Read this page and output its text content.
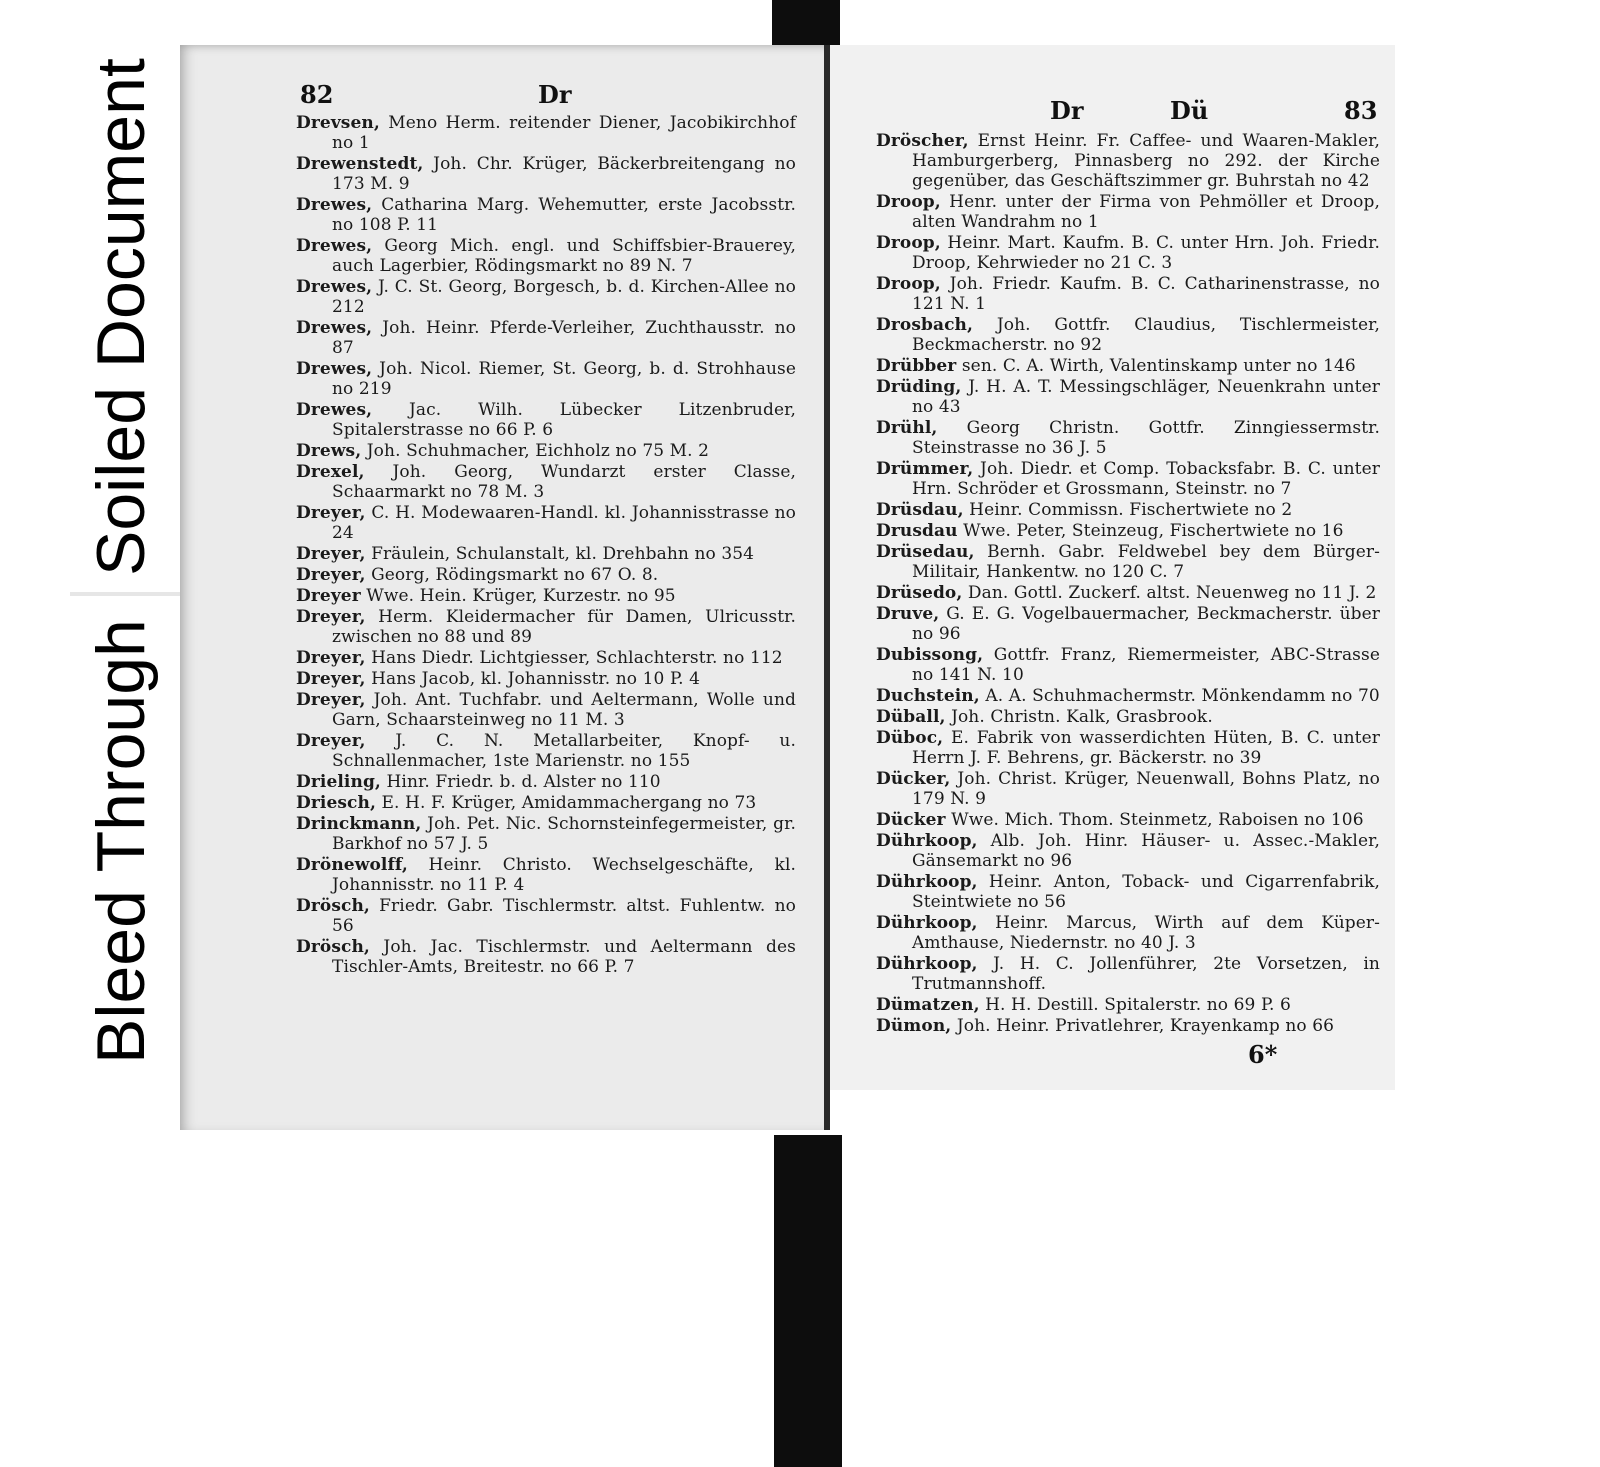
Soiled Document
Bleed Through
82	Dr
Dr	Dü	83
Drevsen, Meno Herm. reitender Diener, Jacobikirchhof no 1
Drewenstedt, Joh. Chr. Krüger, Bäckerbreitengang no 173 M. 9
Drewes, Catharina Marg. Wehemutter, erste Jacobsstr. no 108 P. 11
Drewes, Georg Mich. engl. und Schiffsbier-Brauerey, auch Lagerbier, Rödingsmarkt no 89 N. 7
Drewes, J. C. St. Georg, Borgesch, b. d. Kirchen-Allee no 212
Drewes, Joh. Heinr. Pferde-Verleiher, Zuchthausstr. no 87
Drewes, Joh. Nicol. Riemer, St. Georg, b. d. Strohhause no 219
Drewes, Jac. Wilh. Lübecker Litzenbruder, Spitalerstrasse no 66 P. 6
Drews, Joh. Schuhmacher, Eichholz no 75 M. 2
Drexel, Joh. Georg, Wundarzt erster Classe, Schaarmarkt no 78 M. 3
Dreyer, C. H. Modewaaren-Handl. kl. Johannisstrasse no 24
Dreyer, Fräulein, Schulanstalt, kl. Drehbahn no 354
Dreyer, Georg, Rödingsmarkt no 67 O. 8.
Dreyer Wwe. Hein. Krüger, Kurzestr. no 95
Dreyer, Herm. Kleidermacher für Damen, Ulricusstr. zwischen no 88 und 89
Dreyer, Hans Diedr. Lichtgiesser, Schlachterstr. no 112
Dreyer, Hans Jacob, kl. Johannisstr. no 10 P. 4
Dreyer, Joh. Ant. Tuchfabr. und Aeltermann, Wolle und Garn, Schaarsteinweg no 11 M. 3
Dreyer, J. C. N. Metallarbeiter, Knopf- u. Schnallenmacher, 1ste Marienstr. no 155
Drieling, Hinr. Friedr. b. d. Alster no 110
Driesch, E. H. F. Krüger, Amidammachergang no 73
Drinckmann, Joh. Pet. Nic. Schornsteinfegermeister, gr. Barkhof no 57 J. 5
Drönewolff, Heinr. Christo. Wechselgeschäfte, kl. Johannisstr. no 11 P. 4
Drösch, Friedr. Gabr. Tischlermstr. altst. Fuhlentw. no 56
Drösch, Joh. Jac. Tischlermstr. und Aeltermann des Tischler-Amts, Breitestr. no 66 P. 7
Dröscher, Ernst Heinr. Fr. Caffee- und Waaren-Makler, Hamburgerberg, Pinnasberg no 292. der Kirche gegenüber, das Geschäftszimmer gr. Buhrstah no 42
Droop, Henr. unter der Firma von Pehmöller et Droop, alten Wandrahm no 1
Droop, Heinr. Mart. Kaufm. B. C. unter Hrn. Joh. Friedr. Droop, Kehrwieder no 21 C. 3
Droop, Joh. Friedr. Kaufm. B. C. Catharinenstrasse, no 121 N. 1
Drosbach, Joh. Gottfr. Claudius, Tischlermeister, Beckmacherstr. no 92
Drübber sen. C. A. Wirth, Valentinskamp unter no 146
Drüding, J. H. A. T. Messingschläger, Neuenkrahn unter no 43
Drühl, Georg Christn. Gottfr. Zinngiessermstr. Steinstrasse no 36 J. 5
Drümmer, Joh. Diedr. et Comp. Tobacksfabr. B. C. unter Hrn. Schröder et Grossmann, Steinstr. no 7
Drüsdau, Heinr. Commissn. Fischertwiete no 2
Drusdau Wwe. Peter, Steinzeug, Fischertwiete no 16
Drüsedau, Bernh. Gabr. Feldwebel bey dem Bürger-Militair, Hankentw. no 120 C. 7
Drüsedo, Dan. Gottl. Zuckerf. altst. Neuenweg no 11 J. 2
Druve, G. E. G. Vogelbauermacher, Beckmacherstr. über no 96
Dubissong, Gottfr. Franz, Riemermeister, ABC-Strasse no 141 N. 10
Duchstein, A. A. Schuhmachermstr. Mönkendamm no 70
Düball, Joh. Christn. Kalk, Grasbrook.
Düboc, E. Fabrik von wasserdichten Hüten, B. C. unter Herrn J. F. Behrens, gr. Bäckerstr. no 39
Dücker, Joh. Christ. Krüger, Neuenwall, Bohns Platz, no 179 N. 9
Dücker Wwe. Mich. Thom. Steinmetz, Raboisen no 106
Dührkoop, Alb. Joh. Hinr. Häuser- u. Assec.-Makler, Gänsemarkt no 96
Dührkoop, Heinr. Anton, Toback- und Cigarrenfabrik, Steintwiete no 56
Dührkoop, Heinr. Marcus, Wirth auf dem Küper-Amthause, Niedernstr. no 40 J. 3
Dührkoop, J. H. C. Jollenführer, 2te Vorsetzen, in Trutmannshoff.
Dümatzen, H. H. Destill. Spitalerstr. no 69 P. 6
Dümon, Joh. Heinr. Privatlehrer, Krayenkamp no 66
6*
